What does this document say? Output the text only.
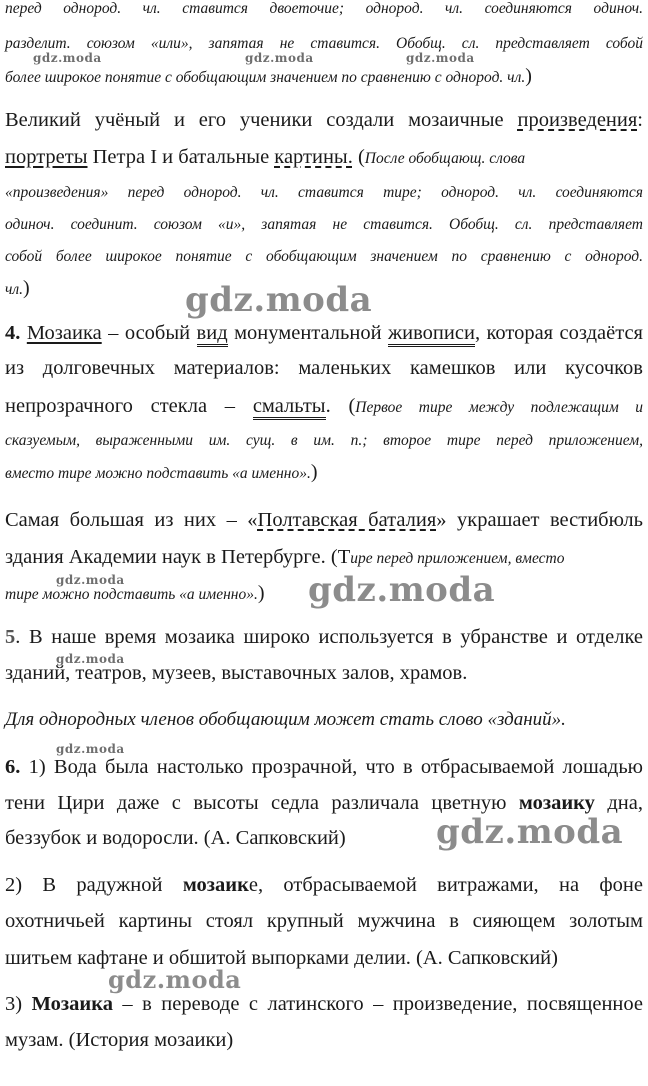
перед однород. чл. ставится двоеточие; однород. чл. соединяются одиноч.
разделит. союзом «или», запятая не ставится. Обобщ. сл. представляет собой
более широкое понятие с обобщающим значением по сравнению с однород. чл.)
Великий учёный и его ученики создали мозаичные произведения:
портреты Петра I и батальные картины. (После обобщающ. слова
«произведения» перед однород. чл. ставится тире; однород. чл. соединяются
одиноч. соединит. союзом «и», запятая не ставится. Обобщ. сл. представляет
собой более широкое понятие с обобщающим значением по сравнению с однород.
чл.)
4. Мозаика – особый вид монументальной живописи, которая создаётся
из долговечных материалов: маленьких камешков или кусочков
непрозрачного стекла – смальты. (Первое тире между подлежащим и
сказуемым, выраженными им. сущ. в им. п.; второе тире перед приложением,
вместо тире можно подставить «а именно».)
Самая большая из них – «Полтавская баталия» украшает вестибюль
здания Академии наук в Петербурге. (Тире перед приложением, вместо
тире можно подставить «а именно».)
5. В наше время мозаика широко используется в убранстве и отделке
зданий, театров, музеев, выставочных залов, храмов.
Для однородных членов обобщающим может стать слово «зданий».
6. 1) Вода была настолько прозрачной, что в отбрасываемой лошадью
тени Цири даже с высоты седла различала цветную мозаику дна,
беззубок и водоросли. (А. Сапковский)
2) В радужной мозаике, отбрасываемой витражами, на фоне
охотничьей картины стоял крупный мужчина в сияющем золотым
шитьем кафтане и обшитой выпорками делии. (А. Сапковский)
3) Мозаика – в переводе с латинского – произведение, посвященное
музам. (История мозаики)
gdz.moda	gdz.moda	gdz.moda
gdz.moda
gdz.moda	gdz.moda
gdz.moda
gdz.moda
gdz.moda
gdz.moda
